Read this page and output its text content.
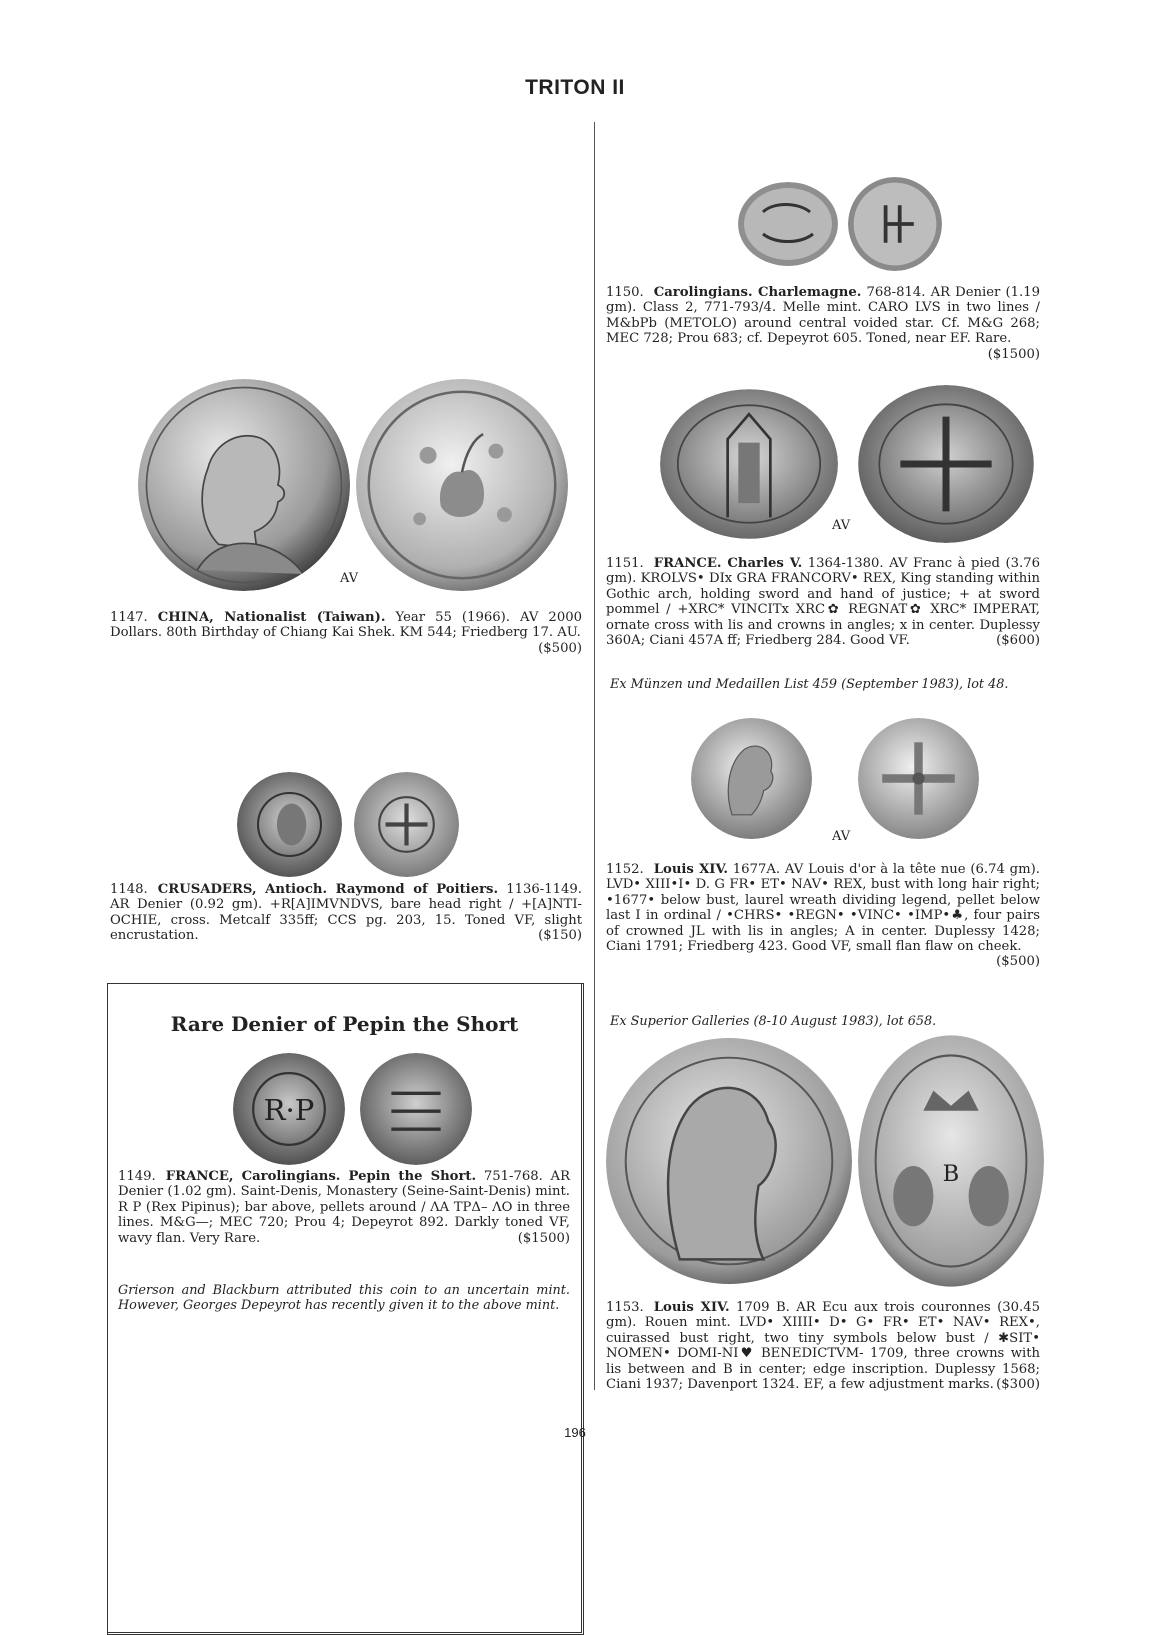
TRITON II
AV
1147. CHINA, Nationalist (Taiwan). Year 55 (1966). AV 2000 Dollars. 80th Birthday of Chiang Kai Shek. KM 544; Friedberg 17. AU.
($500)
1148. CRUSADERS, Antioch. Raymond of Poitiers. 1136-1149. AR Denier (0.92 gm). +R[A]IMVNDVS, bare head right / +[A]NTI-OCHIE, cross. Metcalf 335ff; CCS pg. 203, 15. Toned VF, slight encrustation.	($150)
Rare Denier of Pepin the Short
R·P
1149. FRANCE, Carolingians. Pepin the Short. 751-768. AR Denier (1.02 gm). Saint-Denis, Monastery (Seine-Saint-Denis) mint. R P (Rex Pipinus); bar above, pellets around / ΛΑ ΤΡΔ– ΛΟ in three lines. M&G—; MEC 720; Prou 4; Depeyrot 892. Darkly toned VF, wavy flan. Very Rare.	($1500)
Grierson and Blackburn attributed this coin to an uncertain mint. However, Georges Depeyrot has recently given it to the above mint.
1150. Carolingians. Charlemagne. 768-814. AR Denier (1.19 gm). Class 2, 771-793/4. Melle mint. CARO LVS in two lines / M&bPb (METOLO) around central voided star. Cf. M&G 268; MEC 728; Prou 683; cf. Depeyrot 605. Toned, near EF. Rare.
($1500)
AV
1151. FRANCE. Charles V. 1364-1380. AV Franc à pied (3.76 gm). KROLVS• DIx GRA FRANCORV• REX, King standing within Gothic arch, holding sword and hand of justice; + at sword pommel / +XRC* VINCITx XRC✿ REGNAT✿ XRC* IMPERAT, ornate cross with lis and crowns in angles; x in center. Duplessy 360A; Ciani 457A ff; Friedberg 284. Good VF.	($600)
Ex Münzen und Medaillen List 459 (September 1983), lot 48.
AV
1152. Louis XIV. 1677A. AV Louis d'or à la tête nue (6.74 gm). LVD• XIII•I• D. G FR• ET• NAV• REX, bust with long hair right; •1677• below bust, laurel wreath dividing legend, pellet below last I in ordinal / •CHRS• •REGN• •VINC• •IMP•♣, four pairs of crowned JL with lis in angles; A in center. Duplessy 1428; Ciani 1791; Friedberg 423. Good VF, small flan flaw on cheek.
($500)
Ex Superior Galleries (8-10 August 1983), lot 658.
B
1153. Louis XIV. 1709 B. AR Ecu aux trois couronnes (30.45 gm). Rouen mint. LVD• XIIII• D• G• FR• ET• NAV• REX•, cuirassed bust right, two tiny symbols below bust / ✱SIT• NOMEN• DOMI-NI♥ BENEDICTVM- 1709, three crowns with lis between and B in center; edge inscription. Duplessy 1568; Ciani 1937; Davenport 1324. EF, a few adjustment marks. ($300)
196
